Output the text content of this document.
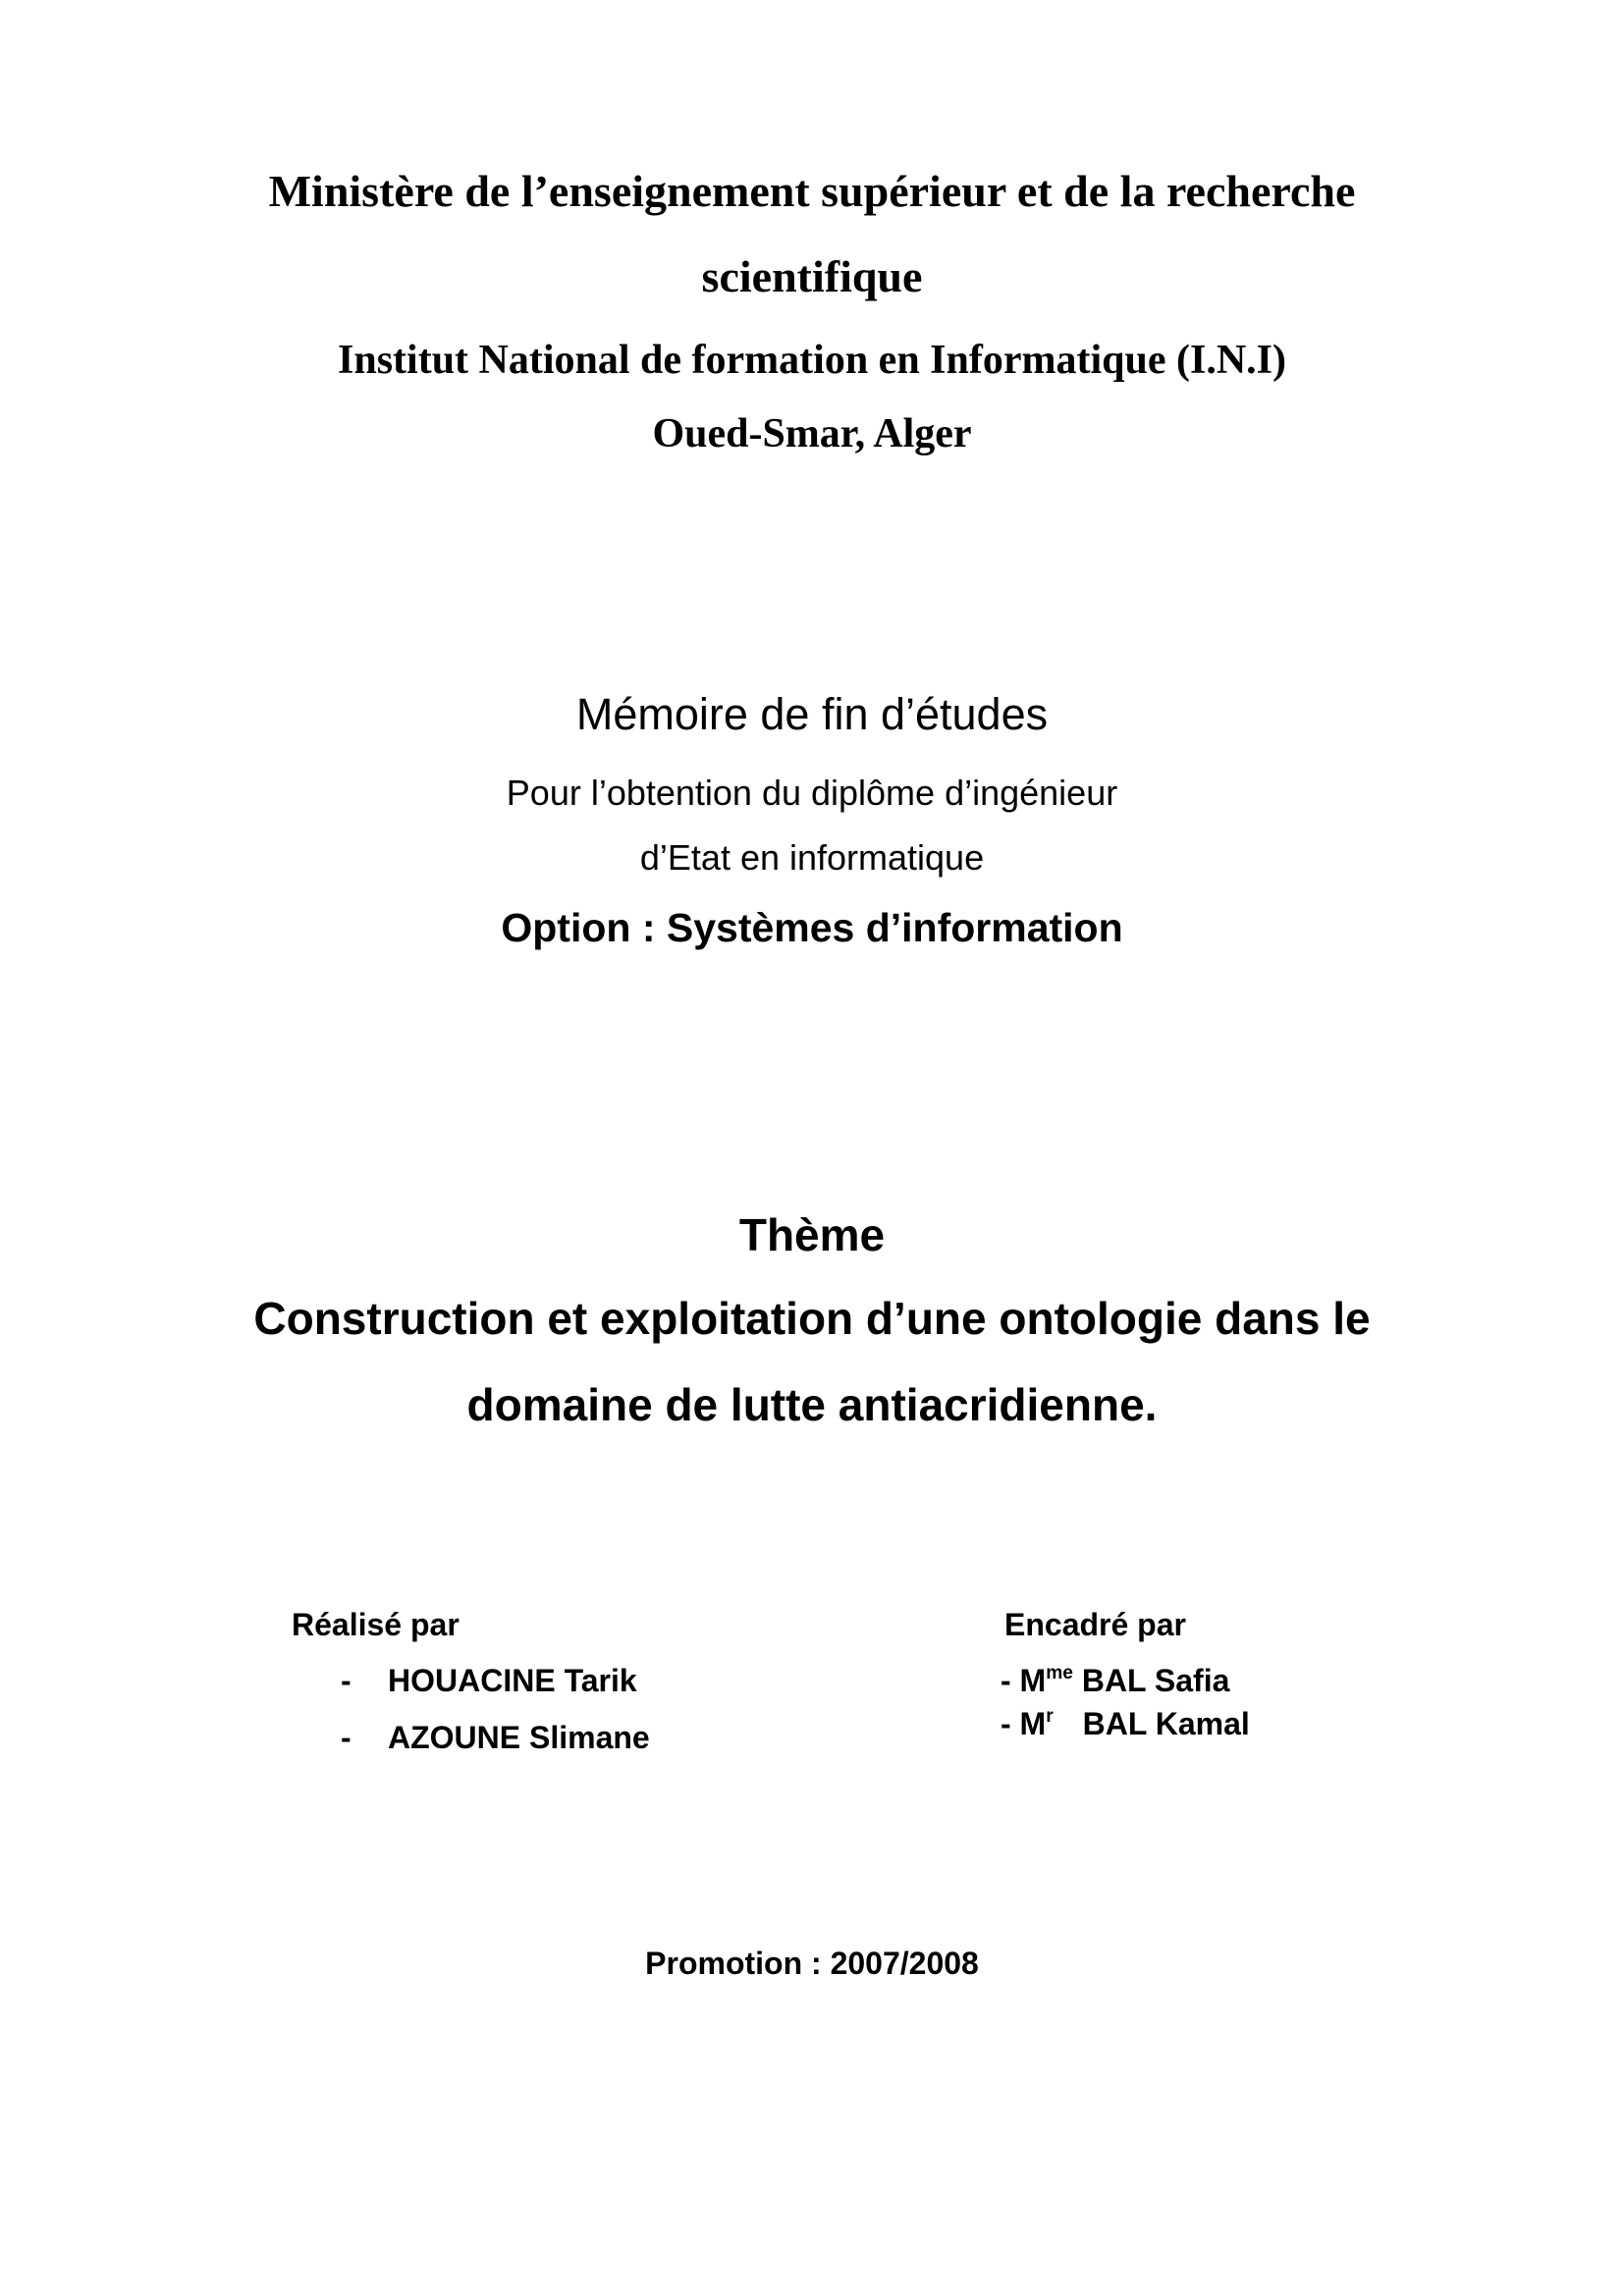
Ministère de l’enseignement supérieur et de la recherche
scientifique
Institut National de formation en Informatique (I.N.I)
Oued-Smar, Alger
Mémoire de fin d’études
Pour l’obtention du diplôme d’ingénieur
d’Etat en informatique
Option : Systèmes d’information
Thème
Construction et exploitation d’une ontologie dans le
domaine de lutte antiacridienne.
Réalisé par
- HOUACINE Tarik
- AZOUNE Slimane
Encadré par
- $M^{me}$ BAL Safia
- $M^r$ BAL Kamal
Promotion : 2007/2008
